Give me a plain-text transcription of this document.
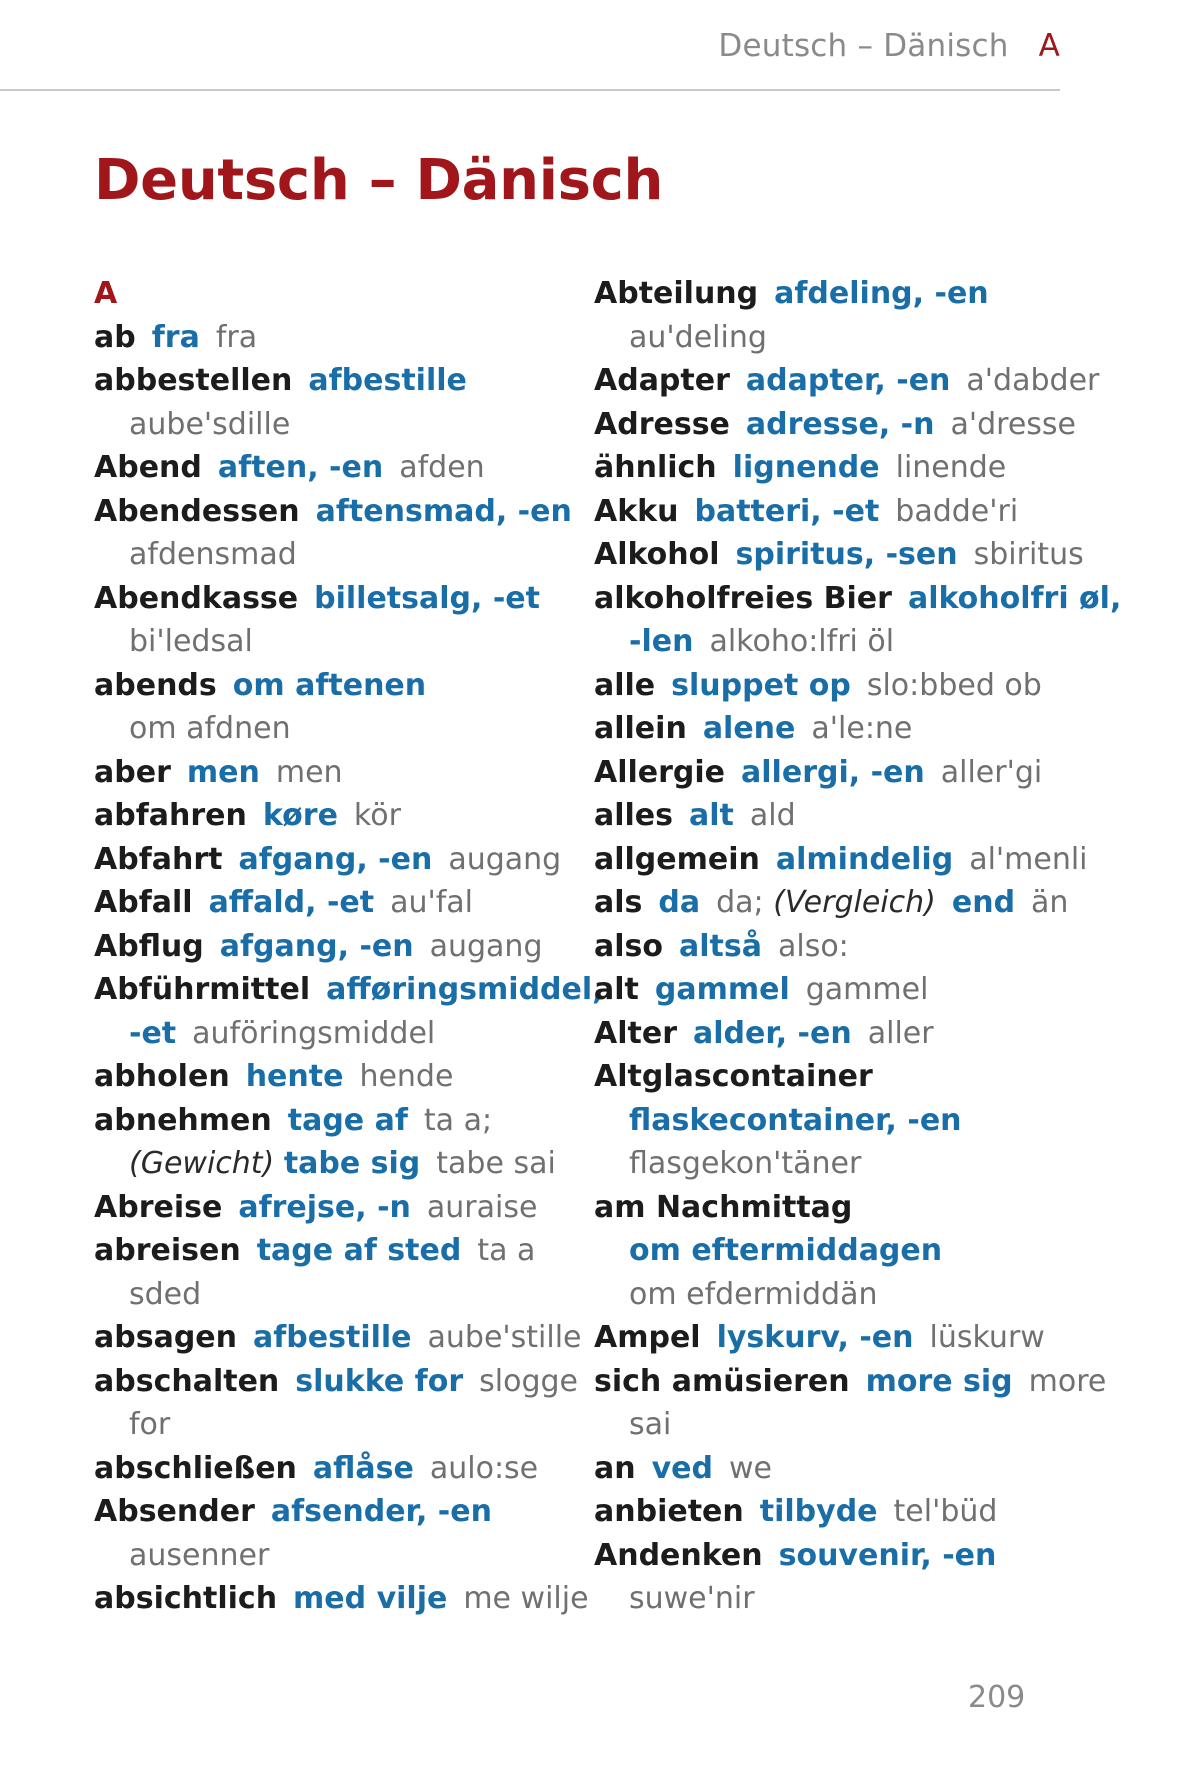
Deutsch – Dänisch A
Deutsch – Dänisch
A
ab fra fra
abbestellen afbestille
aube'sdille
Abend aften, -en afden
Abendessen aftensmad, -en
afdensmad
Abendkasse billetsalg, -et
bi'ledsal
abends om aftenen
om afdnen
aber men men
abfahren køre kör
Abfahrt afgang, -en augang
Abfall affald, -et au'fal
Abflug afgang, -en augang
Abführmittel afføringsmiddel,
-et auföringsmiddel
abholen hente hende
abnehmen tage af ta a;
(Gewicht) tabe sig tabe sai
Abreise afrejse, -n auraise
abreisen tage af sted ta a
sded
absagen afbestille aube'stille
abschalten slukke for slogge
for
abschließen aflåse aulo:se
Absender afsender, -en
ausenner
absichtlich med vilje me wilje
Abteilung afdeling, -en
au'deling
Adapter adapter, -en a'dabder
Adresse adresse, -n a'dresse
ähnlich lignende linende
Akku batteri, -et badde'ri
Alkohol spiritus, -sen sbiritus
alkoholfreies Bier alkoholfri øl,
-len alkoho:lfri öl
alle sluppet op slo:bbed ob
allein alene a'le:ne
Allergie allergi, -en aller'gi
alles alt ald
allgemein almindelig al'menli
als da da; (Vergleich) end än
also altså also:
alt gammel gammel
Alter alder, -en aller
Altglascontainer
flaskecontainer, -en
flasgekon'täner
am Nachmittag
om eftermiddagen
om efdermiddän
Ampel lyskurv, -en lüskurw
sich amüsieren more sig more
sai
an ved we
anbieten tilbyde tel'büd
Andenken souvenir, -en
suwe'nir
209
